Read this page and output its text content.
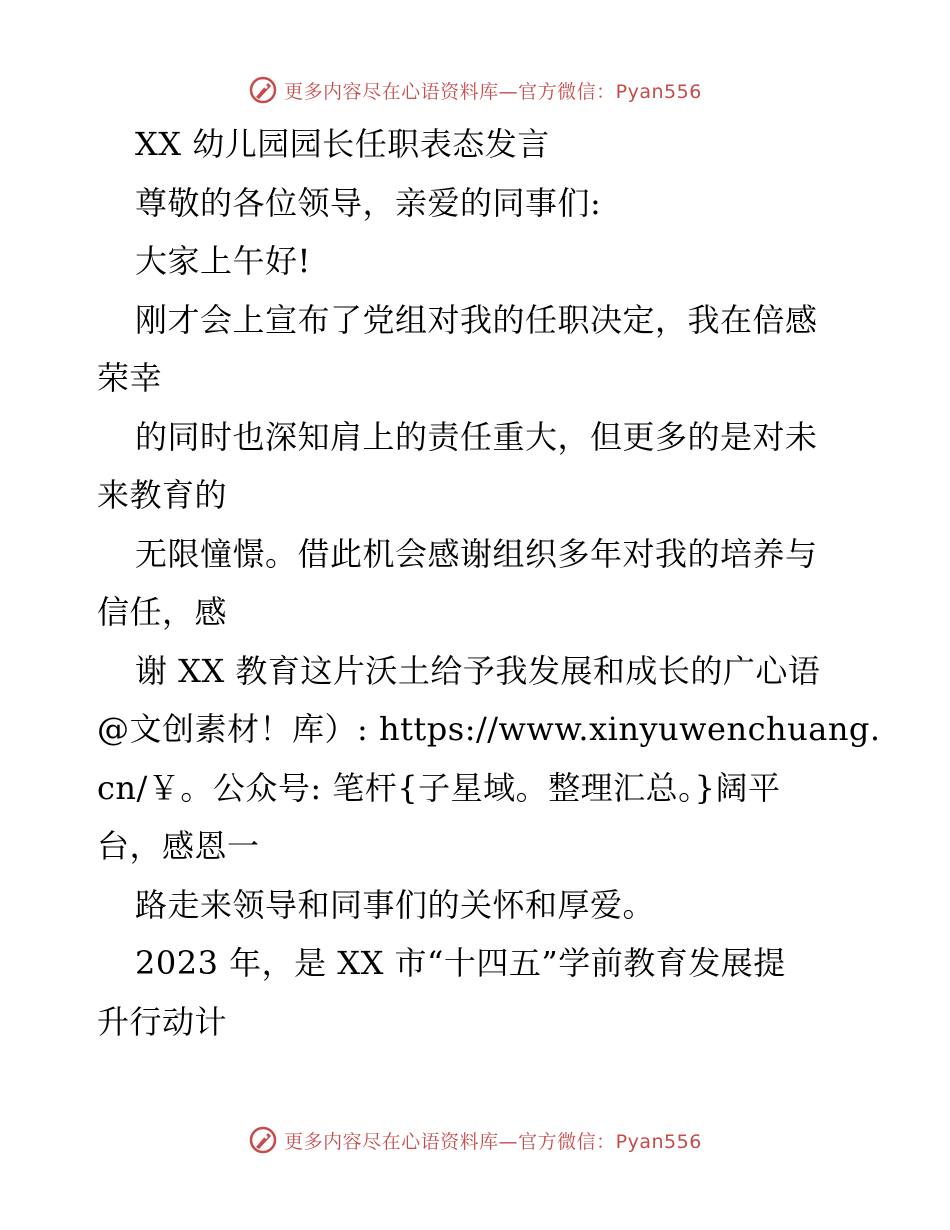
更多内容尽在心语资料库—官方微信：Pyan556
XX 幼儿园园长任职表态发言
尊敬的各位领导，亲爱的同事们:
大家上午好!
刚才会上宣布了党组对我的任职决定，我在倍感
荣幸
的同时也深知肩上的责任重大，但更多的是对未
来教育的
无限憧憬。借此机会感谢组织多年对我的培养与
信任，感
谢 XX 教育这片沃土给予我发展和成长的广心语
@文创素材！库）: https://www.xinyuwenchuang.
cn/￥。公众号: 笔杆{子星域。整理汇总。}阔平
台，感恩一
路走来领导和同事们的关怀和厚爱。
2023 年，是 XX 市“十四五”学前教育发展提
升行动计
更多内容尽在心语资料库—官方微信：Pyan556
